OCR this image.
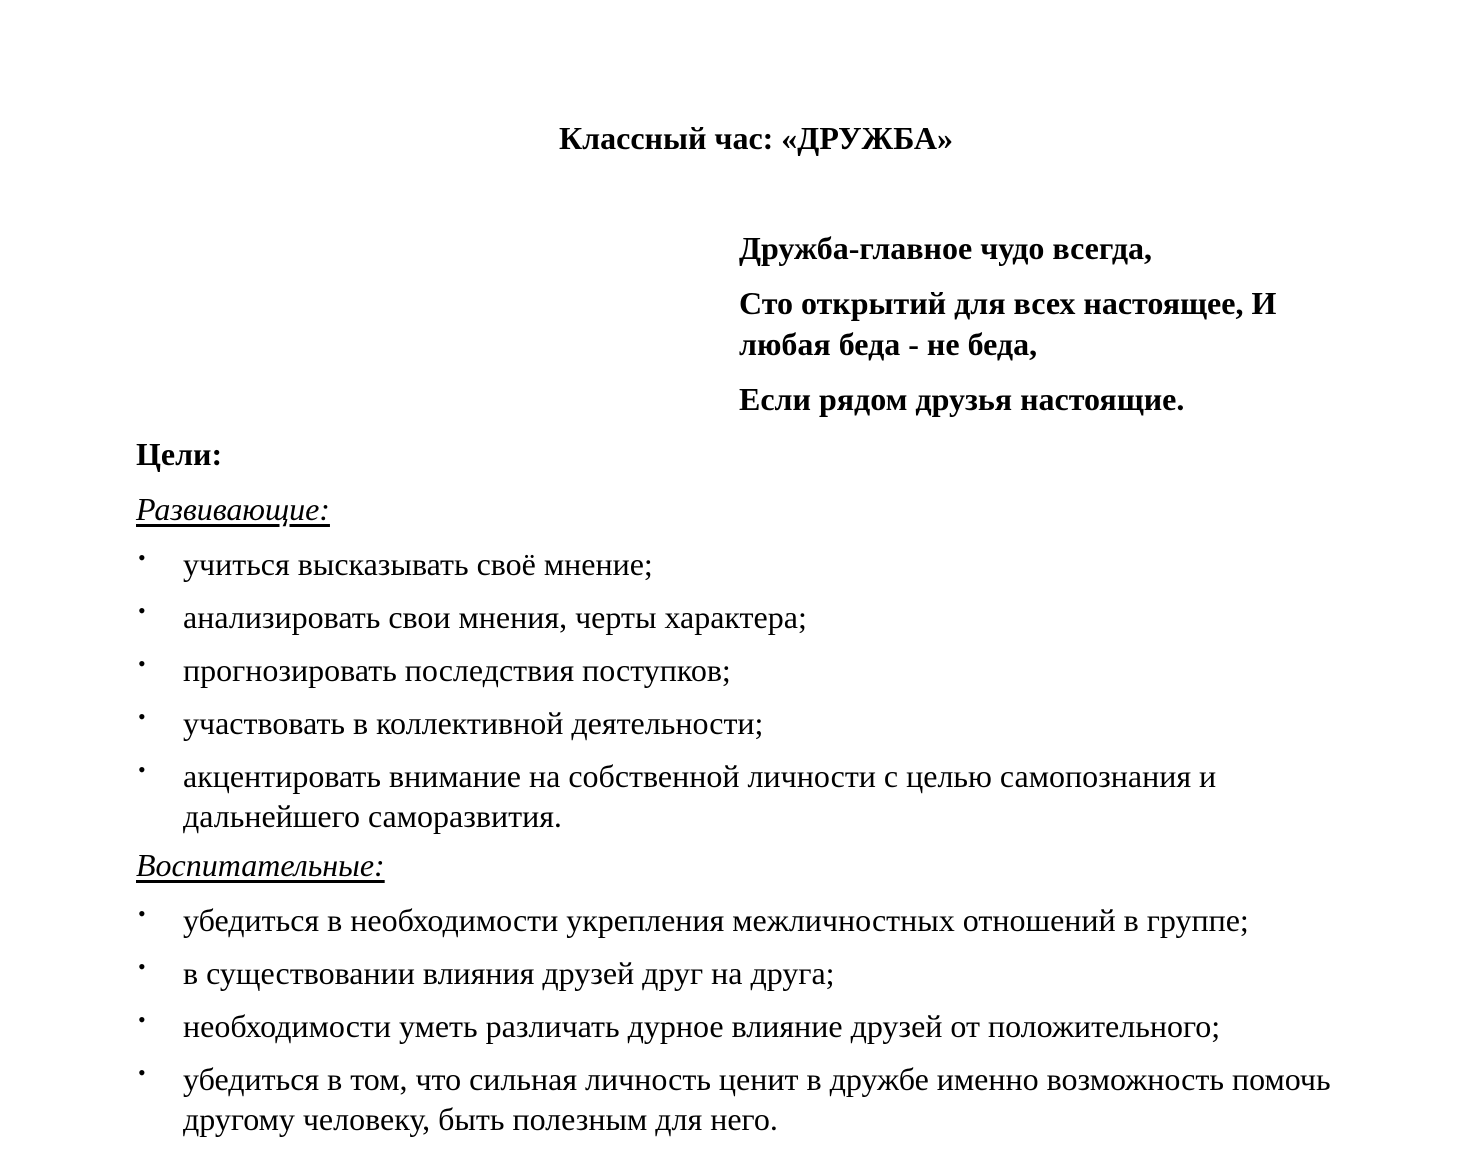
Классный час: «ДРУЖБА»

Дружба-главное чудо всегда,

Сто открытий для всех настоящее, И любая беда - не беда,

Если рядом друзья настоящие.

Цели:
Развивающие:
• учиться высказывать своё мнение;
• анализировать свои мнения, черты характера;
• прогнозировать последствия поступков;
• участвовать в коллективной деятельности;
• акцентировать внимание на собственной личности с целью самопознания и дальнейшего саморазвития.
Воспитательные:
• убедиться в необходимости укрепления межличностных отношений в группе;
• в существовании влияния друзей друг на друга;
• необходимости уметь различать дурное влияние друзей от положительного;
• убедиться в том, что сильная личность ценит в дружбе именно возможность помочь другому человеку, быть полезным для него.
